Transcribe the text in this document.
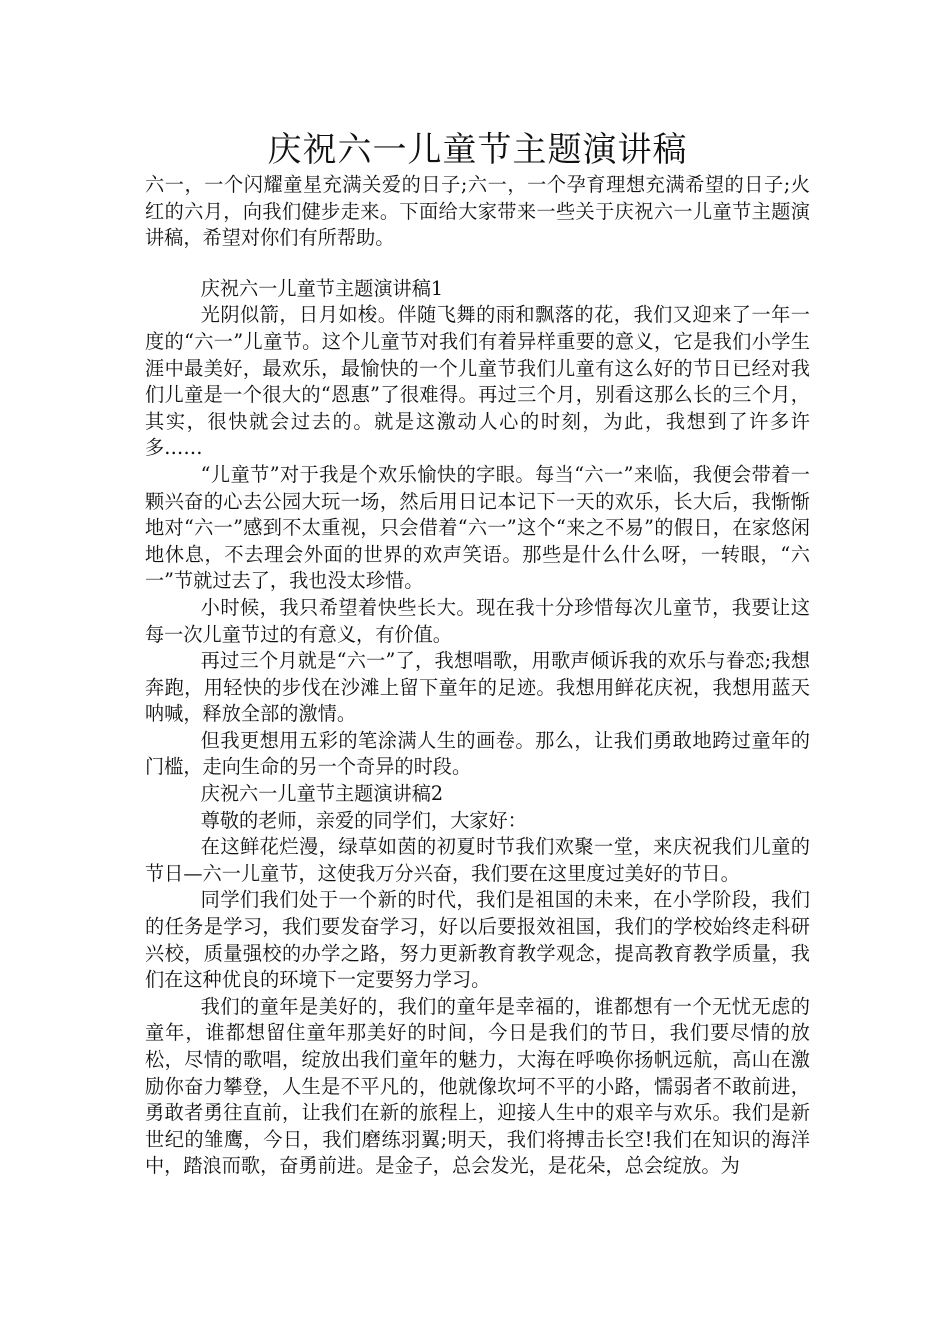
庆祝六一儿童节主题演讲稿

六一，一个闪耀童星充满关爱的日子;六一，一个孕育理想充满希望的日子;火红的六月，向我们健步走来。下面给大家带来一些关于庆祝六一儿童节主题演讲稿，希望对你们有所帮助。

庆祝六一儿童节主题演讲稿1

光阴似箭，日月如梭。伴随飞舞的雨和飘落的花，我们又迎来了一年一度的“六一”儿童节。这个儿童节对我们有着异样重要的意义，它是我们小学生涯中最美好，最欢乐，最愉快的一个儿童节我们儿童有这么好的节日已经对我们儿童是一个很大的“恩惠”了很难得。再过三个月，别看这那么长的三个月，其实，很快就会过去的。就是这激动人心的时刻，为此，我想到了许多许多……

“儿童节”对于我是个欢乐愉快的字眼。每当“六一”来临，我便会带着一颗兴奋的心去公园大玩一场，然后用日记本记下一天的欢乐，长大后，我惭惭地对“六一”感到不太重视，只会借着“六一”这个“来之不易”的假日，在家悠闲地休息，不去理会外面的世界的欢声笑语。那些是什么什么呀，一转眼，“六一”节就过去了，我也没太珍惜。

小时候，我只希望着快些长大。现在我十分珍惜每次儿童节，我要让这每一次儿童节过的有意义，有价值。

再过三个月就是“六一”了，我想唱歌，用歌声倾诉我的欢乐与眷恋;我想奔跑，用轻快的步伐在沙滩上留下童年的足迹。我想用鲜花庆祝，我想用蓝天呐喊，释放全部的激情。

但我更想用五彩的笔涂满人生的画卷。那么，让我们勇敢地跨过童年的门槛，走向生命的另一个奇异的时段。

庆祝六一儿童节主题演讲稿2

尊敬的老师，亲爱的同学们，大家好：

在这鲜花烂漫，绿草如茵的初夏时节我们欢聚一堂，来庆祝我们儿童的节日—六一儿童节，这使我万分兴奋，我们要在这里度过美好的节日。

同学们我们处于一个新的时代，我们是祖国的未来，在小学阶段，我们的任务是学习，我们要发奋学习，好以后要报效祖国，我们的学校始终走科研兴校，质量强校的办学之路，努力更新教育教学观念，提高教育教学质量，我们在这种优良的环境下一定要努力学习。

我们的童年是美好的，我们的童年是幸福的，谁都想有一个无忧无虑的童年，谁都想留住童年那美好的时间，今日是我们的节日，我们要尽情的放松，尽情的歌唱，绽放出我们童年的魅力，大海在呼唤你扬帆远航，高山在激励你奋力攀登，人生是不平凡的，他就像坎坷不平的小路，懦弱者不敢前进，勇敢者勇往直前，让我们在新的旅程上，迎接人生中的艰辛与欢乐。我们是新世纪的雏鹰，今日，我们磨练羽翼;明天，我们将搏击长空!我们在知识的海洋中，踏浪而歌，奋勇前进。是金子，总会发光，是花朵，总会绽放。为
